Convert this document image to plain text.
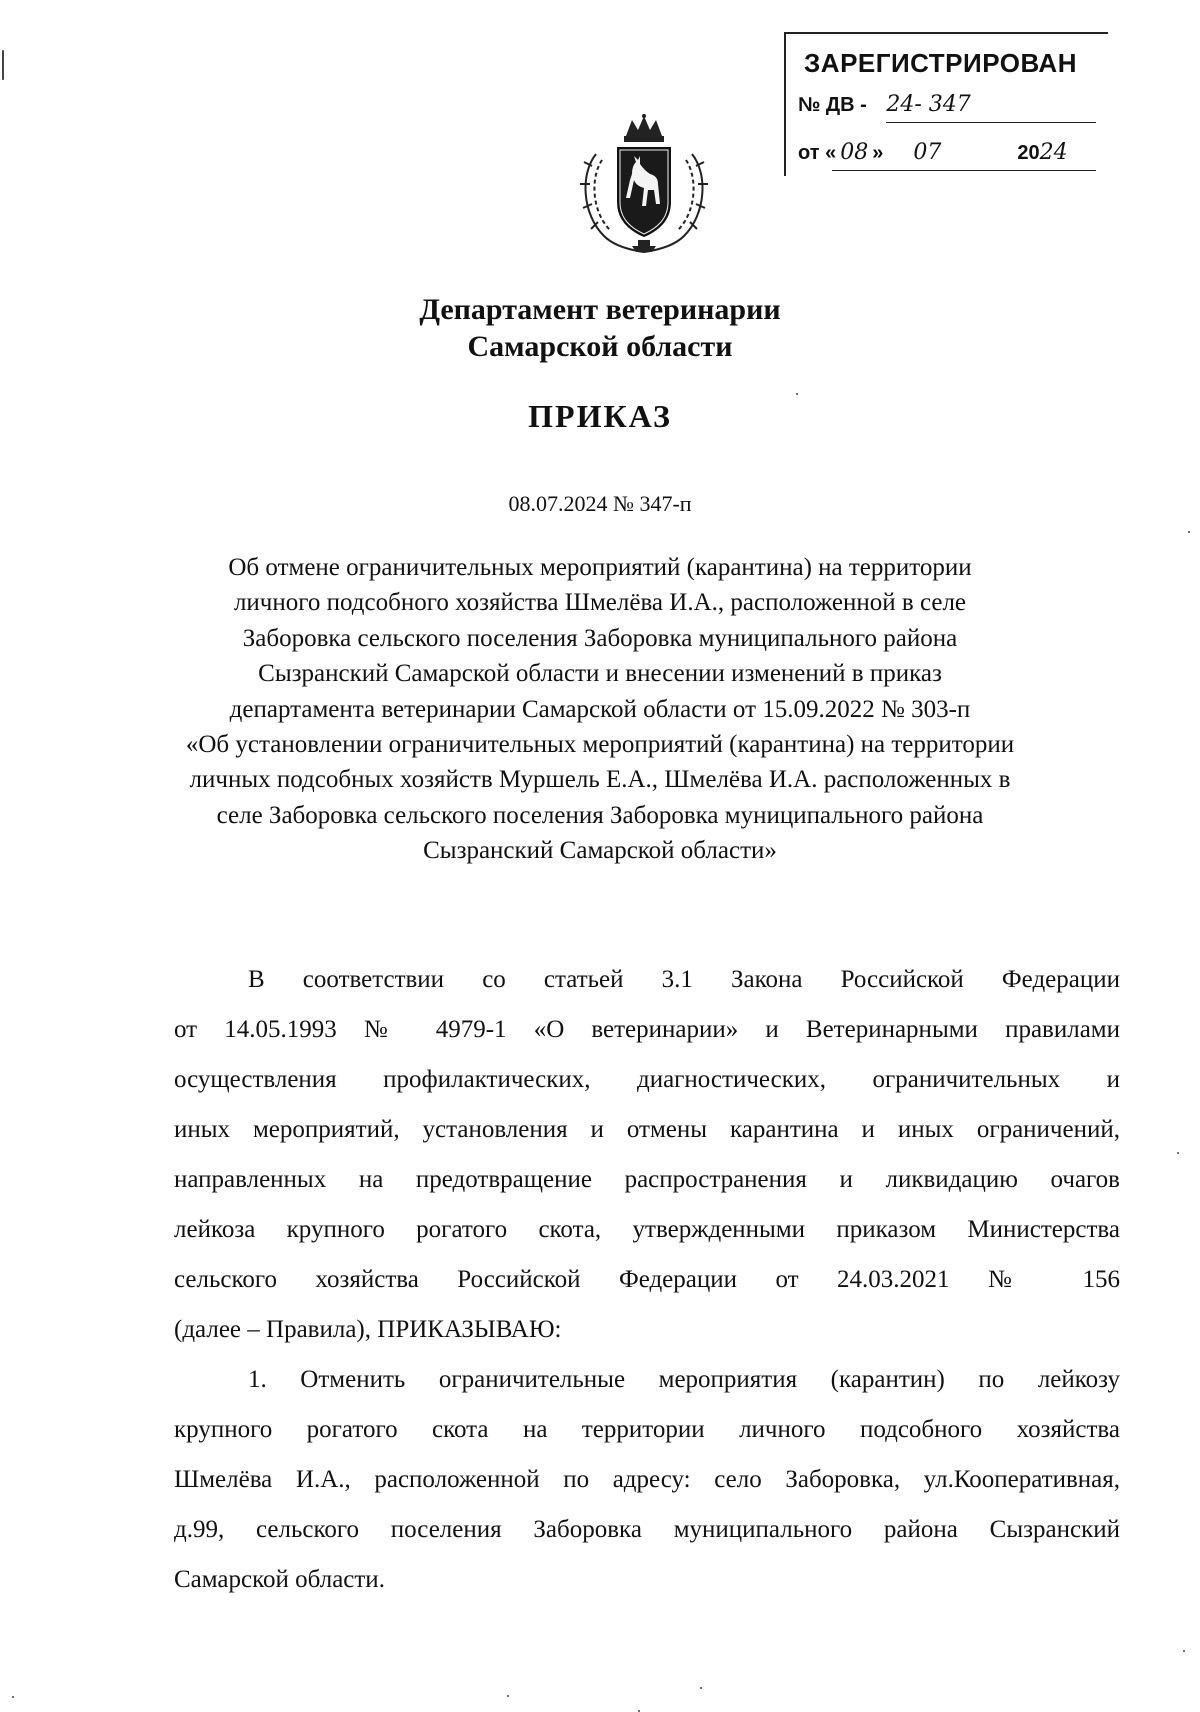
ЗАРЕГИСТРИРОВАН
№ ДВ - 24- 347
от « 08 » 07	2024
Департамент ветеринарии
Самарской области
ПРИКАЗ
08.07.2024 № 347-п
Об отмене ограничительных мероприятий (карантина) на территории
личного подсобного хозяйства Шмелёва И.А., расположенной в селе
Заборовка сельского поселения Заборовка муниципального района
Сызранский Самарской области и внесении изменений в приказ
департамента ветеринарии Самарской области от 15.09.2022 № 303-п
«Об установлении ограничительных мероприятий (карантина) на территории
личных подсобных хозяйств Муршель Е.А., Шмелёва И.А. расположенных в
селе Заборовка сельского поселения Заборовка муниципального района
Сызранский Самарской области»
В соответствии со статьей 3.1 Закона Российской Федерации
от 14.05.1993 № 4979-1 «О ветеринарии» и Ветеринарными правилами
осуществления профилактических, диагностических, ограничительных и
иных мероприятий, установления и отмены карантина и иных ограничений,
направленных на предотвращение распространения и ликвидацию очагов
лейкоза крупного рогатого скота, утвержденными приказом Министерства
сельского хозяйства Российской Федерации от 24.03.2021 № 156
(далее – Правила), ПРИКАЗЫВАЮ:
1. Отменить ограничительные мероприятия (карантин) по лейкозу
крупного рогатого скота на территории личного подсобного хозяйства
Шмелёва И.А., расположенной по адресу: село Заборовка, ул.Кооперативная,
д.99, сельского поселения Заборовка муниципального района Сызранский
Самарской области.
